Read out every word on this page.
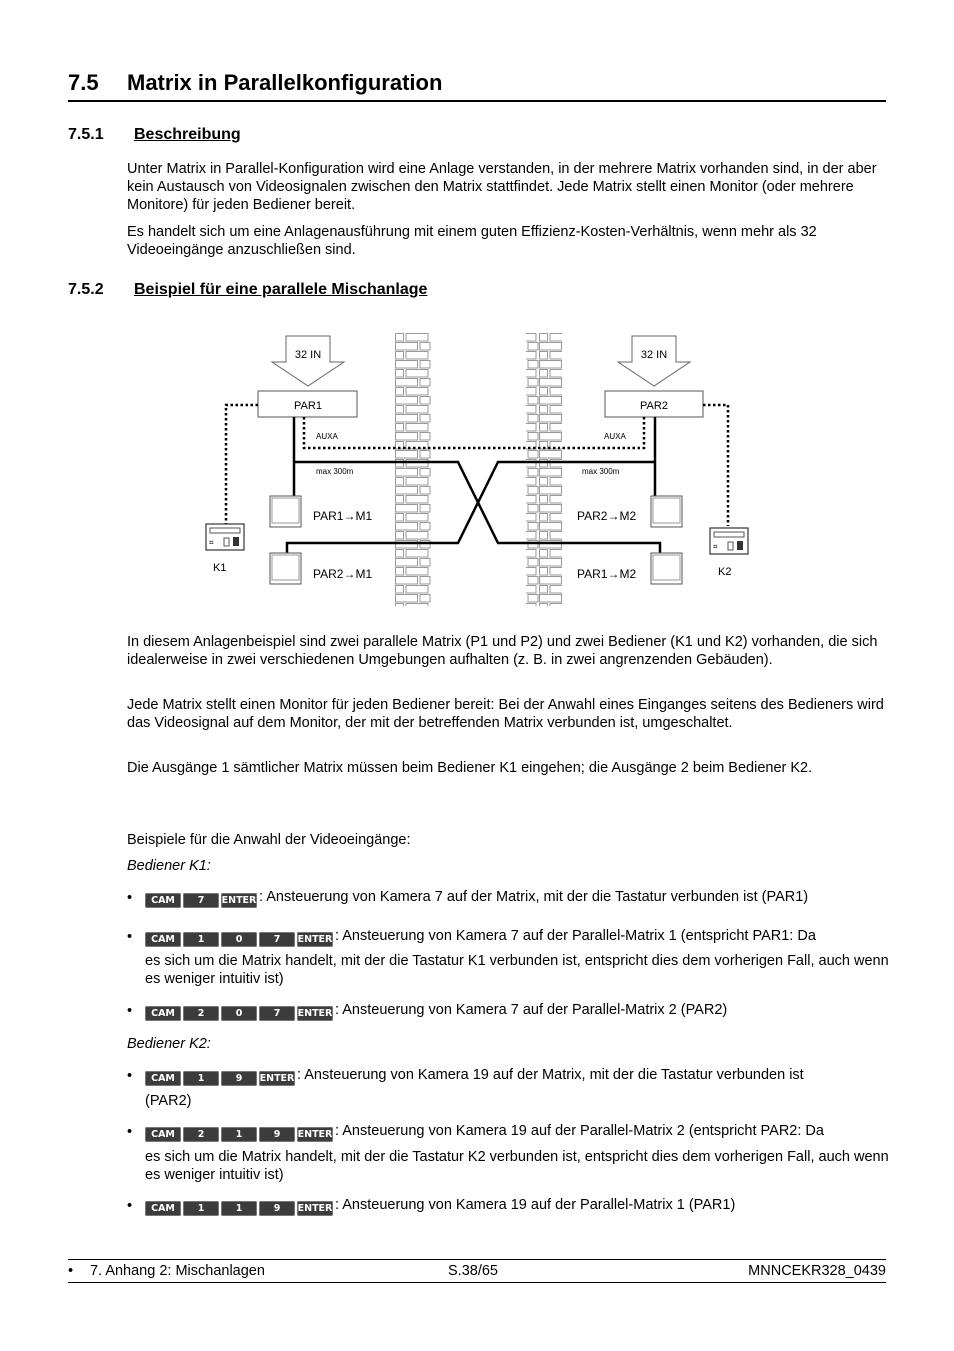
7.5 Matrix in Parallelkonfiguration
7.5.1 Beschreibung

Unter Matrix in Parallel-Konfiguration wird eine Anlage verstanden, in der mehrere Matrix vorhanden sind, in der aber kein Austausch von Videosignalen zwischen den Matrix stattfindet. Jede Matrix stellt einen Monitor (oder mehrere Monitore) für jeden Bediener bereit.

Es handelt sich um eine Anlagenausführung mit einem guten Effizienz-Kosten-Verhältnis, wenn mehr als 32 Videoeingänge anzuschließen sind.

7.5.2 Beispiel für eine parallele Mischanlage
32 IN	32 IN
PAR1	PAR2
AUXA	AUXA
max 300m	max 300m
PAR1→M1
PAR2→M1
PAR2→M2
PAR1→M2
⌗	⌗
K1	K2

In diesem Anlagenbeispiel sind zwei parallele Matrix (P1 und P2) und zwei Bediener (K1 und K2) vorhanden, die sich idealerweise in zwei verschiedenen Umgebungen aufhalten (z. B. in zwei angrenzenden Gebäuden).

Jede Matrix stellt einen Monitor für jeden Bediener bereit: Bei der Anwahl eines Einganges seitens des Bedieners wird das Videosignal auf dem Monitor, der mit der betreffenden Matrix verbunden ist, umgeschaltet.

Die Ausgänge 1 sämtlicher Matrix müssen beim Bediener K1 eingehen; die Ausgänge 2 beim Bediener K2.

Beispiele für die Anwahl der Videoeingänge:

Bediener K1:

•	CAM 7 ENTER : Ansteuerung von Kamera 7 auf der Matrix, mit der die Tastatur verbunden ist (PAR1)
•	CAM 1	0	7 ENTER : Ansteuerung von Kamera 7 auf der Parallel-Matrix 1 (entspricht PAR1: Da
es sich um die Matrix handelt, mit der die Tastatur K1 verbunden ist, entspricht dies dem vorherigen Fall, auch wenn es weniger intuitiv ist)
•	CAM 2	0	7 ENTER : Ansteuerung von Kamera 7 auf der Parallel-Matrix 2 (PAR2)

Bediener K2:

•	CAM 1	9 ENTER : Ansteuerung von Kamera 19 auf der Matrix, mit der die Tastatur verbunden ist
(PAR2)
•	CAM 2	1	9 ENTER : Ansteuerung von Kamera 19 auf der Parallel-Matrix 2 (entspricht PAR2: Da
es sich um die Matrix handelt, mit der die Tastatur K2 verbunden ist, entspricht dies dem vorherigen Fall, auch wenn es weniger intuitiv ist)
•	CAM 1	1	9 ENTER : Ansteuerung von Kamera 19 auf der Parallel-Matrix 1 (PAR1)
• 7. Anhang 2: Mischanlagen	S.38/65	MNNCEKR328_0439
